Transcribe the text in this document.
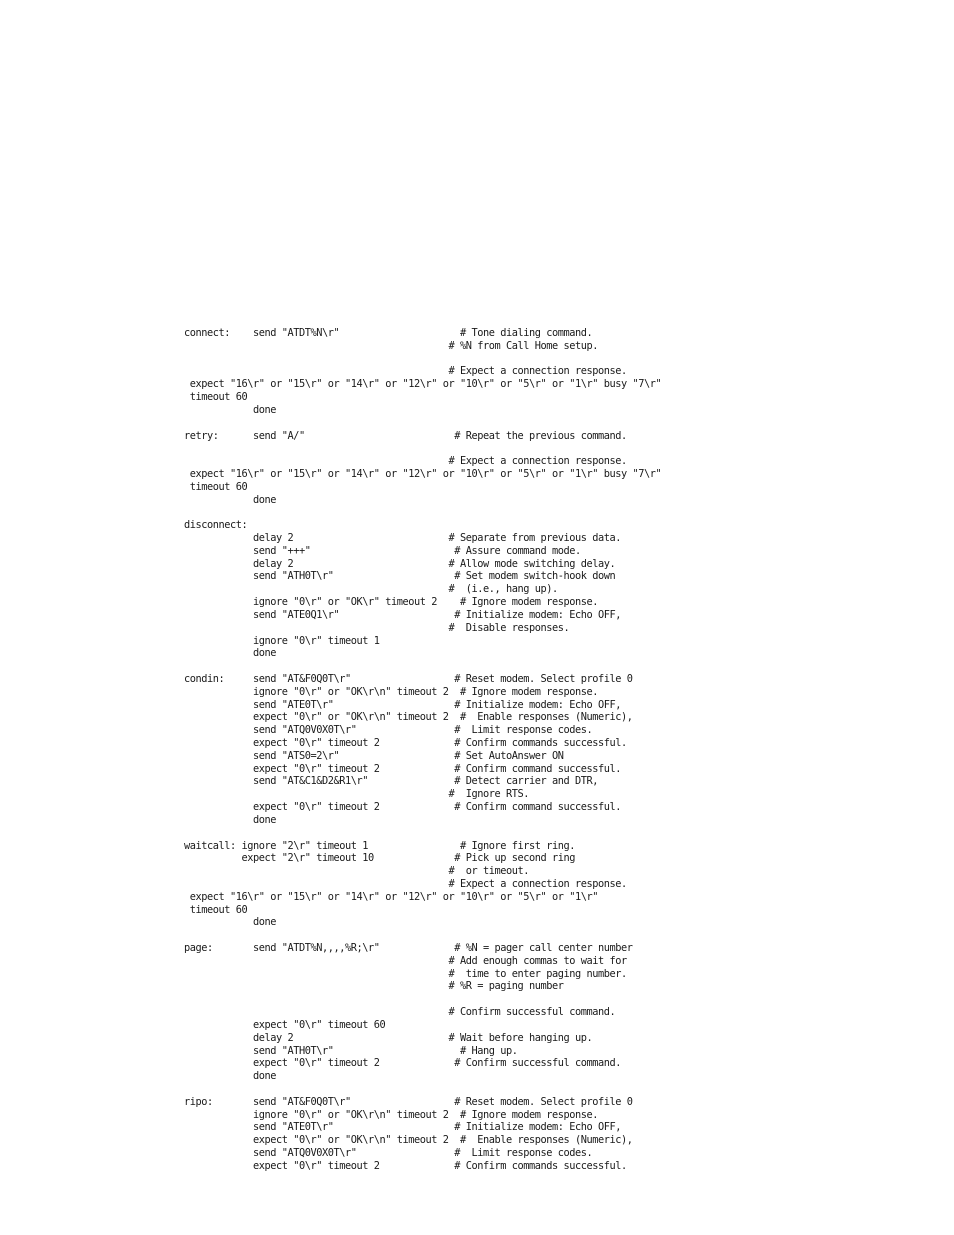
connect:    send "ATDT%N\r"                     # Tone dialing command.
# %N from Call Home setup.
# Expect a connection response.
expect "16\r" or "15\r" or "14\r" or "12\r" or "10\r" or "5\r" or "1\r" busy "7\r"
timeout 60
done
retry:      send "A/"                          # Repeat the previous command.
# Expect a connection response.
expect "16\r" or "15\r" or "14\r" or "12\r" or "10\r" or "5\r" or "1\r" busy "7\r"
timeout 60
done
disconnect:
delay 2                           # Separate from previous data.
send "+++"                         # Assure command mode.
delay 2                           # Allow mode switching delay.
send "ATH0T\r"                     # Set modem switch-hook down
#  (i.e., hang up).
ignore "0\r" or "OK\r" timeout 2    # Ignore modem response.
send "ATE0Q1\r"                    # Initialize modem: Echo OFF,
#  Disable responses.
ignore "0\r" timeout 1
done
condin:     send "AT&F0Q0T\r"                  # Reset modem. Select profile 0
ignore "0\r" or "OK\r\n" timeout 2  # Ignore modem response.
send "ATE0T\r"                     # Initialize modem: Echo OFF,
expect "0\r" or "OK\r\n" timeout 2  #  Enable responses (Numeric),
send "ATQ0V0X0T\r"                 #  Limit response codes.
expect "0\r" timeout 2             # Confirm commands successful.
send "ATS0=2\r"                    # Set AutoAnswer ON
expect "0\r" timeout 2             # Confirm command successful.
send "AT&C1&D2&R1\r"               # Detect carrier and DTR,
#  Ignore RTS.
expect "0\r" timeout 2             # Confirm command successful.
done
waitcall: ignore "2\r" timeout 1                # Ignore first ring.
expect "2\r" timeout 10              # Pick up second ring
#  or timeout.
# Expect a connection response.
expect "16\r" or "15\r" or "14\r" or "12\r" or "10\r" or "5\r" or "1\r"
timeout 60
done
page:       send "ATDT%N,,,,%R;\r"             # %N = pager call center number
# Add enough commas to wait for
#  time to enter paging number.
# %R = paging number
# Confirm successful command.
expect "0\r" timeout 60
delay 2                           # Wait before hanging up.
send "ATH0T\r"                      # Hang up.
expect "0\r" timeout 2             # Confirm successful command.
done
ripo:       send "AT&F0Q0T\r"                  # Reset modem. Select profile 0
ignore "0\r" or "OK\r\n" timeout 2  # Ignore modem response.
send "ATE0T\r"                     # Initialize modem: Echo OFF,
expect "0\r" or "OK\r\n" timeout 2  #  Enable responses (Numeric),
send "ATQ0V0X0T\r"                 #  Limit response codes.
expect "0\r" timeout 2             # Confirm commands successful.
